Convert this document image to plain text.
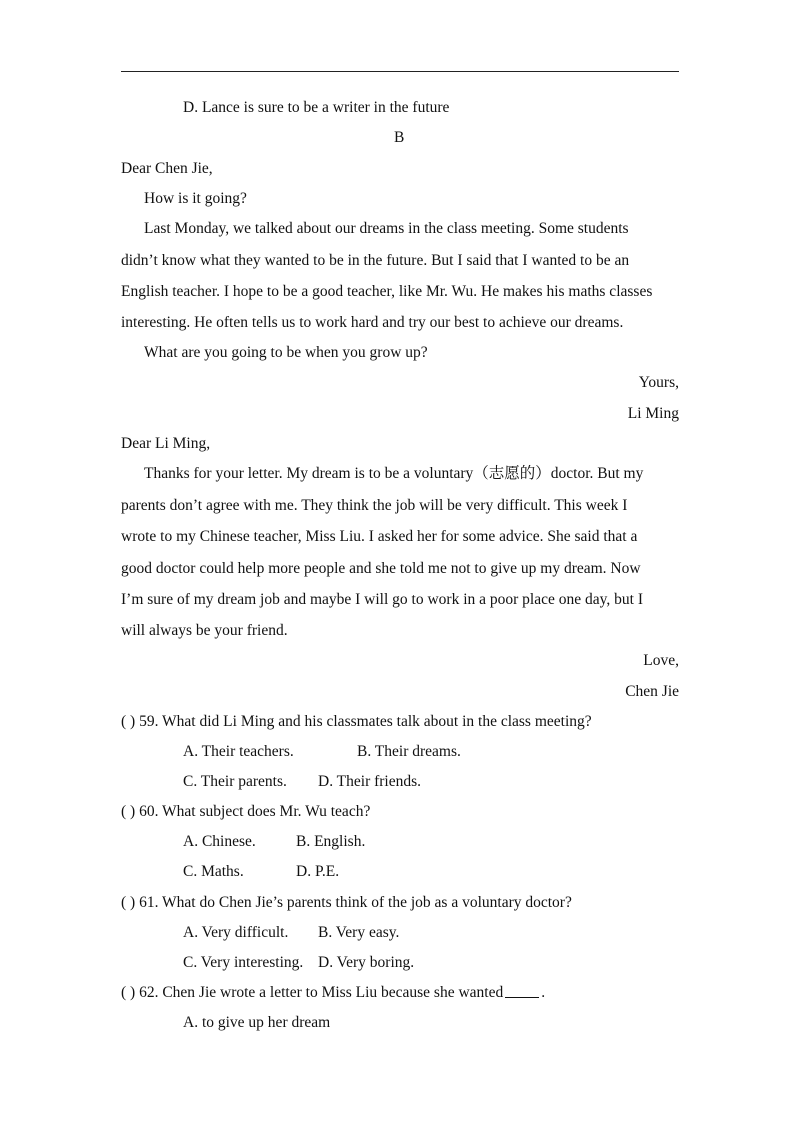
D. Lance is sure to be a writer in the future
B
Dear Chen Jie,
How is it going?
Last Monday, we talked about our dreams in the class meeting. Some students
didn’t know what they wanted to be in the future. But I said that I wanted to be an
English teacher. I hope to be a good teacher, like Mr. Wu. He makes his maths classes
interesting. He often tells us to work hard and try our best to achieve our dreams.
What are you going to be when you grow up?
Yours,
Li Ming
Dear Li Ming,
Thanks for your letter. My dream is to be a voluntary（志愿的）doctor. But my
parents don’t agree with me. They think the job will be very difficult. This week I
wrote to my Chinese teacher, Miss Liu. I asked her for some advice. She said that a
good doctor could help more people and she told me not to give up my dream. Now
I’m sure of my dream job and maybe I will go to work in a poor place one day, but I
will always be your friend.
Love,
Chen Jie
( ) 59. What did Li Ming and his classmates talk about in the class meeting?
A. Their teachers.	B. Their dreams.
C. Their parents. D. Their friends.
( ) 60. What subject does Mr. Wu teach?
A. Chinese.	B. English.
C. Maths.	D. P.E.
( ) 61. What do Chen Jie’s parents think of the job as a voluntary doctor?
A. Very difficult. B. Very easy.
C. Very interesting. D. Very boring.
( ) 62. Chen Jie wrote a letter to Miss Liu because she wanted .
A. to give up her dream
